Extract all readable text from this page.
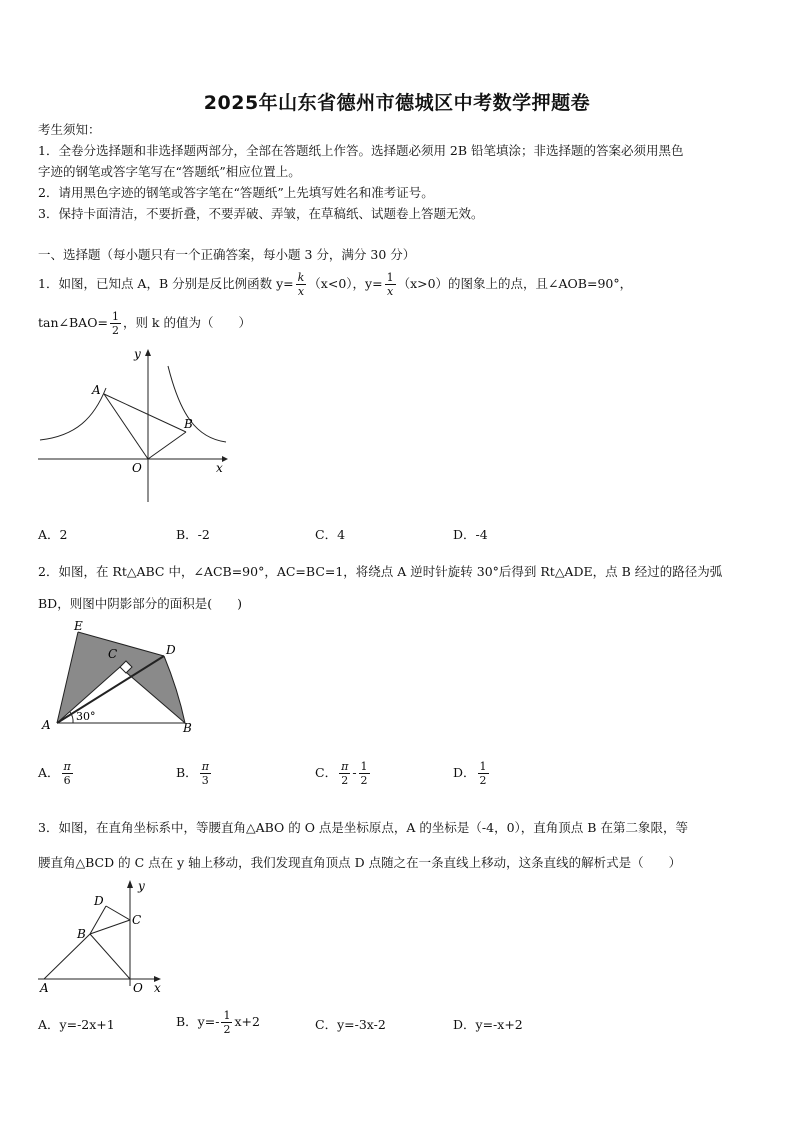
2025年山东省德州市德城区中考数学押题卷
考生须知：
1．全卷分选择题和非选择题两部分，全部在答题纸上作答。选择题必须用 2B 铅笔填涂；非选择题的答案必须用黑色
字迹的钢笔或答字笔写在“答题纸”相应位置上。
2．请用黑色字迹的钢笔或答字笔在“答题纸”上先填写姓名和准考证号。
3．保持卡面清洁，不要折叠，不要弄破、弄皱，在草稿纸、试题卷上答题无效。
一、选择题（每小题只有一个正确答案，每小题 3 分，满分 30 分）
1．如图，已知点 A，B 分别是反比例函数 $y= \frac{k}{x} (x<0)$，$y= \frac{1}{x} (x>0)$的图象上的点，且∠AOB=90°，
tan∠BAO= $\frac{1}{2}$ ，则 k 的值为（　　）
A
B
O	x
y
A．2	B．-2	C．4	D．-4
2．如图，在 Rt△ABC 中，∠ACB=90°，AC=BC=1，将绕点 A 逆时针旋转 30°后得到 Rt△ADE，点 B 经过的路径为弧
BD，则图中阴影部分的面积是(　　)
E
C	D
A	B
30°
A． $\frac{\pi}{6}$	B． $\frac{\pi}{3}$	C． $\frac{\pi}{2} - \frac{1}{2}$	D． $\frac{1}{2}$
3．如图，在直角坐标系中，等腰直角△ABO 的 O 点是坐标原点，A 的坐标是（-4，0），直角顶点 B 在第二象限，等
腰直角△BCD 的 C 点在 y 轴上移动，我们发现直角顶点 D 点随之在一条直线上移动，这条直线的解析式是（　　）
D
C
B
A	O x
y
A．y=-2x+1	B．$y=- \frac{1}{2} x+2$	C．y=-3x-2	D．y=-x+2
